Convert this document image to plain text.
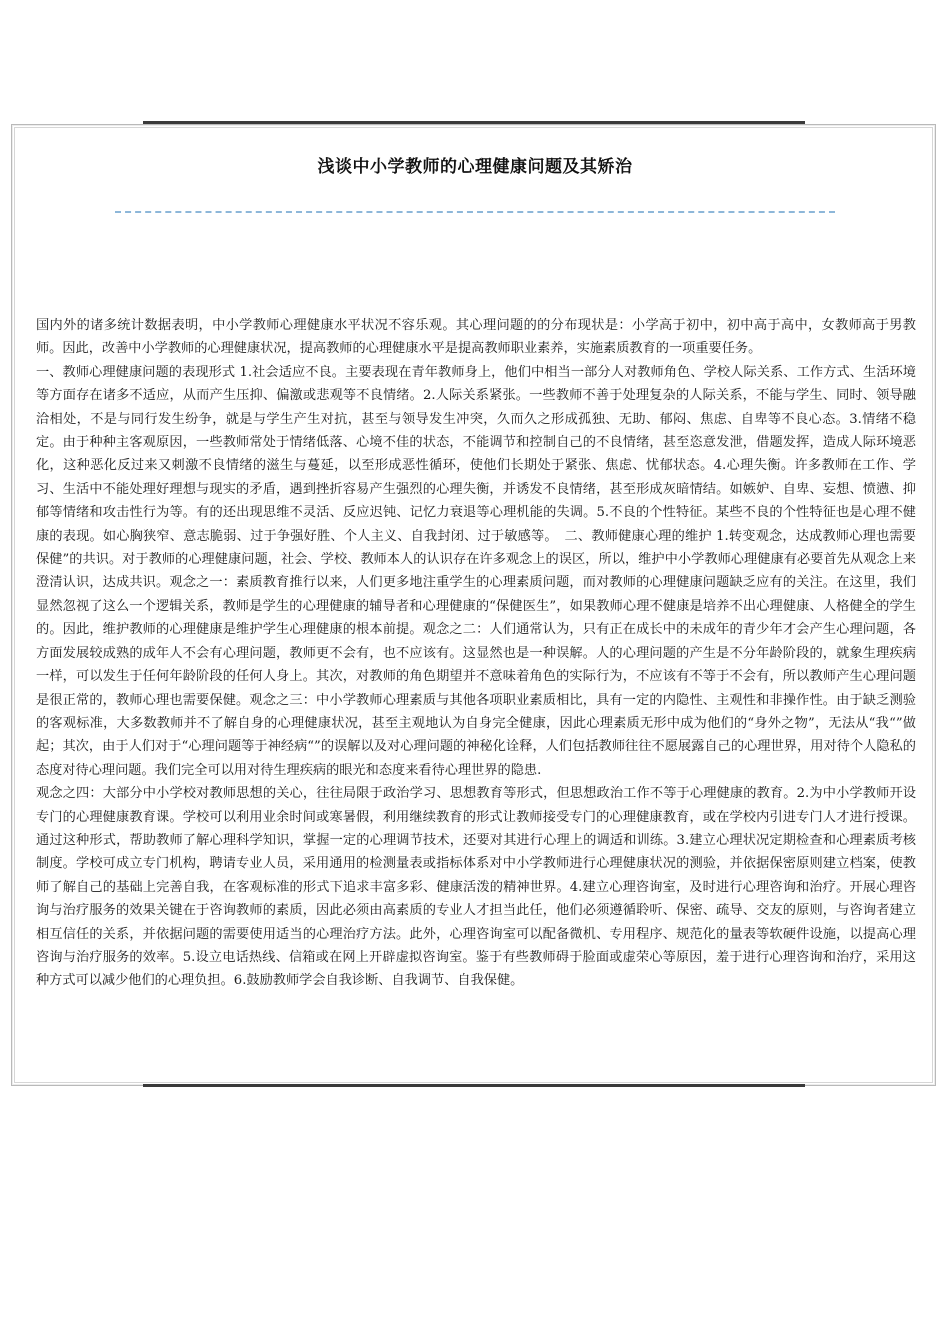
浅谈中小学教师的心理健康问题及其矫治

国内外的诸多统计数据表明，中小学教师心理健康水平状况不容乐观。其心理问题的的分布现状是：小学高于初中，初中高于高中，女教师高于男教师。因此，改善中小学教师的心理健康状况，提高教师的心理健康水平是提高教师职业素养，实施素质教育的一项重要任务。

一、教师心理健康问题的表现形式 1.社会适应不良。主要表现在青年教师身上，他们中相当一部分人对教师角色、学校人际关系、工作方式、生活环境等方面存在诸多不适应，从而产生压抑、偏激或悲观等不良情绪。2.人际关系紧张。一些教师不善于处理复杂的人际关系，不能与学生、同时、领导融洽相处，不是与同行发生纷争，就是与学生产生对抗，甚至与领导发生冲突，久而久之形成孤独、无助、郁闷、焦虑、自卑等不良心态。3.情绪不稳定。由于种种主客观原因，一些教师常处于情绪低落、心境不佳的状态，不能调节和控制自己的不良情绪，甚至恣意发泄，借题发挥，造成人际环境恶化，这种恶化反过来又刺激不良情绪的滋生与蔓延，以至形成恶性循环，使他们长期处于紧张、焦虑、忧郁状态。4.心理失衡。许多教师在工作、学习、生活中不能处理好理想与现实的矛盾，遇到挫折容易产生强烈的心理失衡，并诱发不良情绪，甚至形成灰暗情结。如嫉妒、自卑、妄想、愤懑、抑郁等情绪和攻击性行为等。有的还出现思维不灵活、反应迟钝、记忆力衰退等心理机能的失调。5.不良的个性特征。某些不良的个性特征也是心理不健康的表现。如心胸狭窄、意志脆弱、过于争强好胜、个人主义、自我封闭、过于敏感等。　二、教师健康心理的维护 1.转变观念，达成教师心理也需要保健”的共识。对于教师的心理健康问题，社会、学校、教师本人的认识存在许多观念上的误区，所以，维护中小学教师心理健康有必要首先从观念上来澄清认识，达成共识。观念之一：素质教育推行以来，人们更多地注重学生的心理素质问题，而对教师的心理健康问题缺乏应有的关注。在这里，我们显然忽视了这么一个逻辑关系，教师是学生的心理健康的辅导者和心理健康的“保健医生”，如果教师心理不健康是培养不出心理健康、人格健全的学生的。因此，维护教师的心理健康是维护学生心理健康的根本前提。观念之二：人们通常认为，只有正在成长中的未成年的青少年才会产生心理问题，各方面发展较成熟的成年人不会有心理问题，教师更不会有，也不应该有。这显然也是一种误解。人的心理问题的产生是不分年龄阶段的，就象生理疾病一样，可以发生于任何年龄阶段的任何人身上。其次，对教师的角色期望并不意味着角色的实际行为，不应该有不等于不会有，所以教师产生心理问题是很正常的，教师心理也需要保健。观念之三：中小学教师心理素质与其他各项职业素质相比，具有一定的内隐性、主观性和非操作性。由于缺乏测验的客观标准，大多数教师并不了解自身的心理健康状况，甚至主观地认为自身完全健康，因此心理素质无形中成为他们的“身外之物”，无法从“我“”做起；其次，由于人们对于“心理问题等于神经病“”的误解以及对心理问题的神秘化诠释，人们包括教师往往不愿展露自己的心理世界，用对待个人隐私的态度对待心理问题。我们完全可以用对待生理疾病的眼光和态度来看待心理世界的隐患.

观念之四：大部分中小学校对教师思想的关心，往往局限于政治学习、思想教育等形式，但思想政治工作不等于心理健康的教育。2.为中小学教师开设专门的心理健康教育课。学校可以利用业余时间或寒暑假，利用继续教育的形式让教师接受专门的心理健康教育，或在学校内引进专门人才进行授课。通过这种形式，帮助教师了解心理科学知识，掌握一定的心理调节技术，还要对其进行心理上的调适和训练。3.建立心理状况定期检查和心理素质考核制度。学校可成立专门机构，聘请专业人员，采用通用的检测量表或指标体系对中小学教师进行心理健康状况的测验，并依据保密原则建立档案，使教师了解自己的基础上完善自我，在客观标准的形式下追求丰富多彩、健康活泼的精神世界。4.建立心理咨询室，及时进行心理咨询和治疗。开展心理咨询与治疗服务的效果关键在于咨询教师的素质，因此必须由高素质的专业人才担当此任，他们必须遵循聆听、保密、疏导、交友的原则，与咨询者建立相互信任的关系，并依据问题的需要使用适当的心理治疗方法。此外，心理咨询室可以配备微机、专用程序、规范化的量表等软硬件设施，以提高心理咨询与治疗服务的效率。5.设立电话热线、信箱或在网上开辟虚拟咨询室。鉴于有些教师碍于脸面或虚荣心等原因，羞于进行心理咨询和治疗，采用这种方式可以减少他们的心理负担。6.鼓励教师学会自我诊断、自我调节、自我保健。
